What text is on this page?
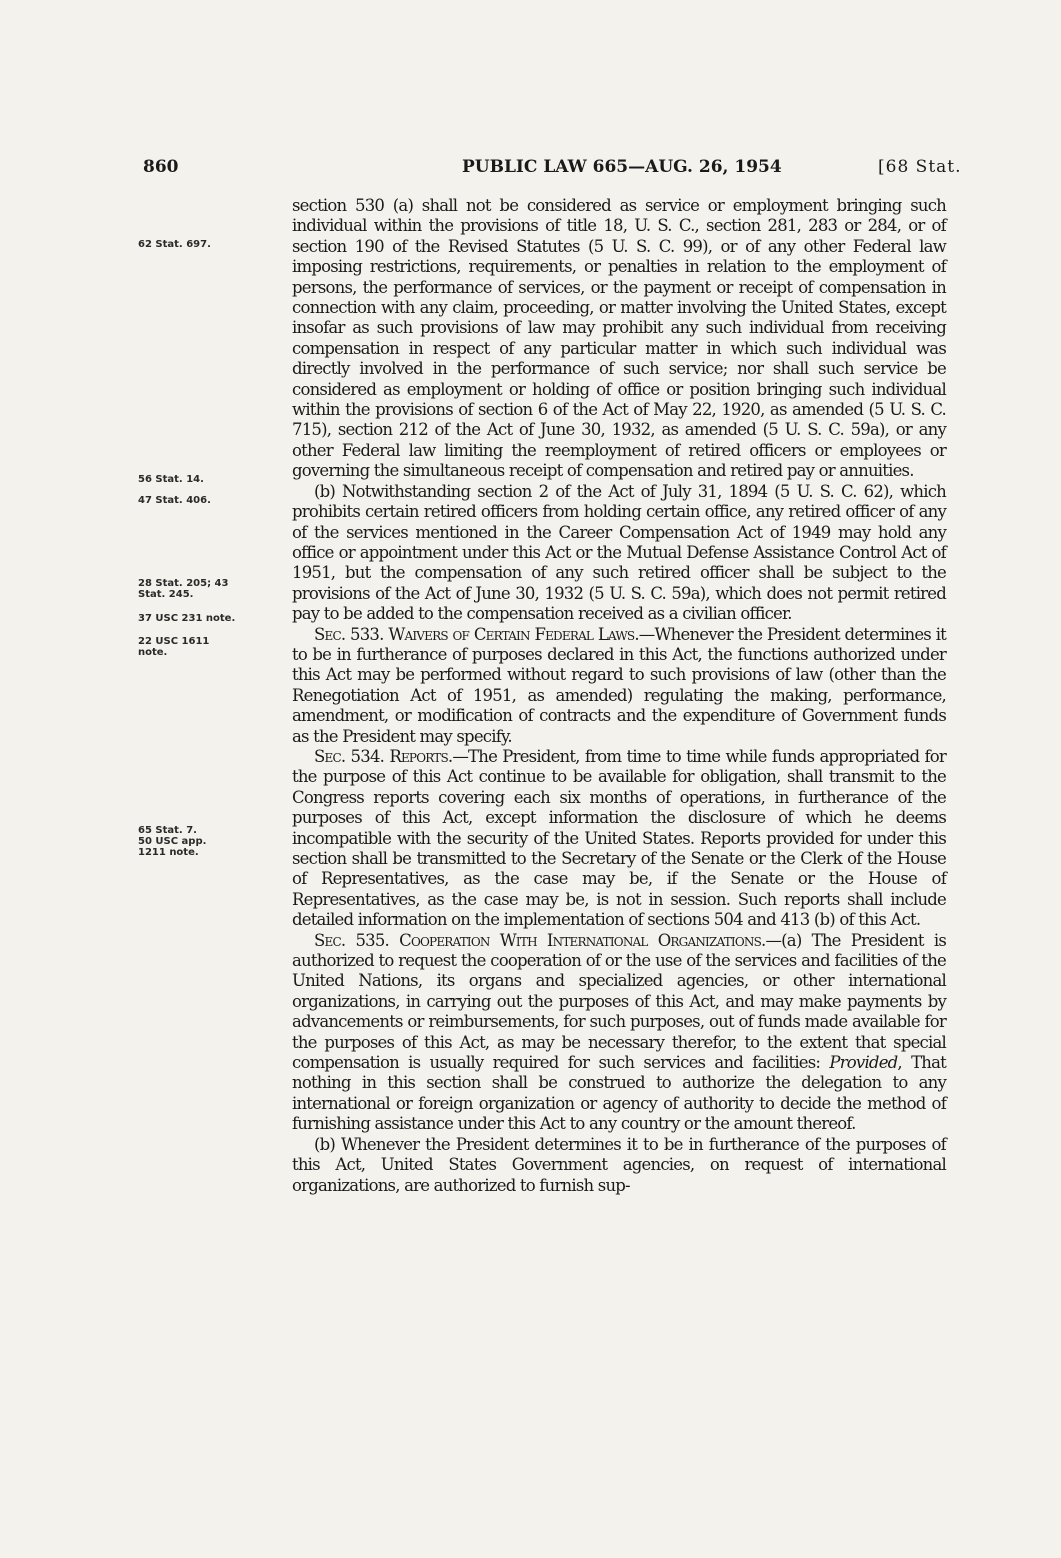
860	PUBLIC LAW 665—AUG. 26, 1954	[68 Stat.
62 Stat. 697.
56 Stat. 14.
47 Stat. 406.
28 Stat. 205; 43
Stat. 245.
37 USC 231 note.
22 USC 1611
note.
65 Stat. 7.
50 USC app.
1211 note.

section 530 (a) shall not be considered as service or employment bringing such individual within the provisions of title 18, U. S. C., section 281, 283 or 284, or of section 190 of the Revised Statutes (5 U. S. C. 99), or of any other Federal law imposing restrictions, requirements, or penalties in relation to the employment of persons, the performance of services, or the payment or receipt of compensation in connection with any claim, proceeding, or matter involving the United States, except insofar as such provisions of law may prohibit any such individual from receiving compensation in respect of any particular matter in which such individual was directly involved in the performance of such service; nor shall such service be considered as employment or holding of office or position bringing such individual within the provisions of section 6 of the Act of May 22, 1920, as amended (5 U. S. C. 715), section 212 of the Act of June 30, 1932, as amended (5 U. S. C. 59a), or any other Federal law limiting the reemployment of retired officers or employees or governing the simultaneous receipt of compensation and retired pay or annuities.

(b) Notwithstanding section 2 of the Act of July 31, 1894 (5 U. S. C. 62), which prohibits certain retired officers from holding certain office, any retired officer of any of the services mentioned in the Career Compensation Act of 1949 may hold any office or appointment under this Act or the Mutual Defense Assistance Control Act of 1951, but the compensation of any such retired officer shall be subject to the provisions of the Act of June 30, 1932 (5 U. S. C. 59a), which does not permit retired pay to be added to the compensation received as a civilian officer.

Sec. 533. Waivers of Certain Federal Laws.—Whenever the President determines it to be in furtherance of purposes declared in this Act, the functions authorized under this Act may be performed without regard to such provisions of law (other than the Renegotiation Act of 1951, as amended) regulating the making, performance, amendment, or modification of contracts and the expenditure of Government funds as the President may specify.

Sec. 534. Reports.—The President, from time to time while funds appropriated for the purpose of this Act continue to be available for obligation, shall transmit to the Congress reports covering each six months of operations, in furtherance of the purposes of this Act, except information the disclosure of which he deems incompatible with the security of the United States. Reports provided for under this section shall be transmitted to the Secretary of the Senate or the Clerk of the House of Representatives, as the case may be, if the Senate or the House of Representatives, as the case may be, is not in session. Such reports shall include detailed information on the implementation of sections 504 and 413 (b) of this Act.

Sec. 535. Cooperation With International Organizations.—(a) The President is authorized to request the cooperation of or the use of the services and facilities of the United Nations, its organs and specialized agencies, or other international organizations, in carrying out the purposes of this Act, and may make payments by advancements or reimbursements, for such purposes, out of funds made available for the purposes of this Act, as may be necessary therefor, to the extent that special compensation is usually required for such services and facilities: Provided, That nothing in this section shall be construed to authorize the delegation to any international or foreign organization or agency of authority to decide the method of furnishing assistance under this Act to any country or the amount thereof.

(b) Whenever the President determines it to be in furtherance of the purposes of this Act, United States Government agencies, on request of international organizations, are authorized to furnish sup-
